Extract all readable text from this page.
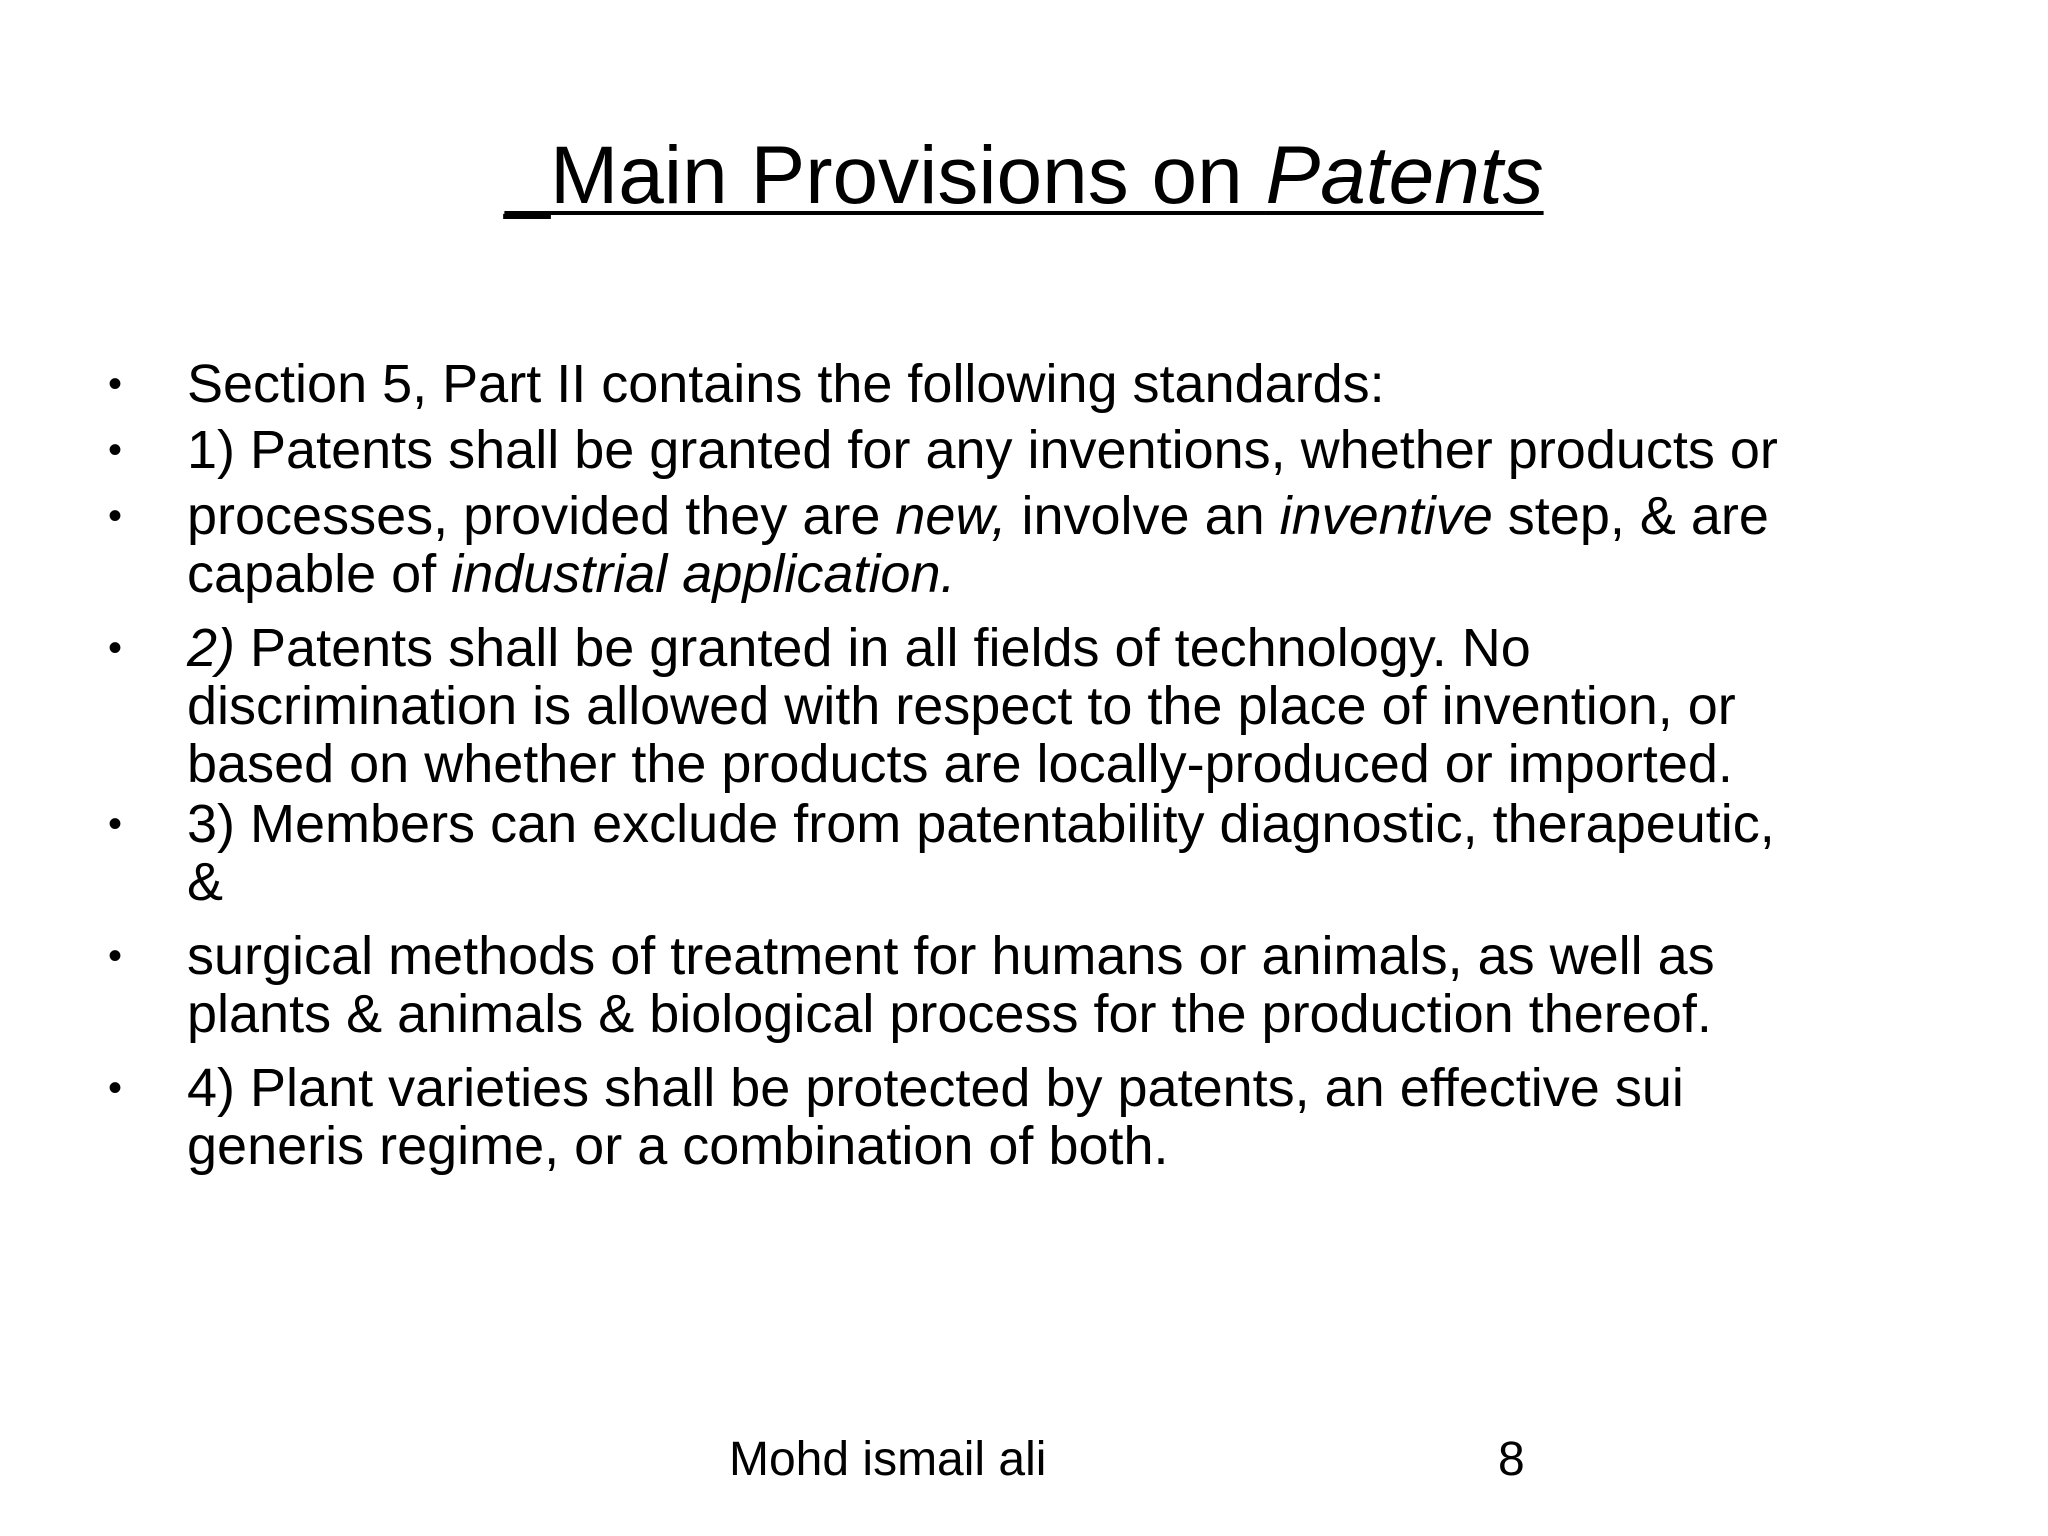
_Main Provisions on Patents
• Section 5, Part II contains the following standards:
• 1) Patents shall be granted for any inventions, whether products or
• processes, provided they are new, involve an inventive step, & are
capable of industrial application.
• 2) Patents shall be granted in all fields of technology. No
discrimination is allowed with respect to the place of invention, or
based on whether the products are locally-produced or imported.
• 3) Members can exclude from patentability diagnostic, therapeutic,
&
• surgical methods of treatment for humans or animals, as well as
plants & animals & biological process for the production thereof.
• 4) Plant varieties shall be protected by patents, an effective sui
generis regime, or a combination of both.
Mohd ismail ali	8
